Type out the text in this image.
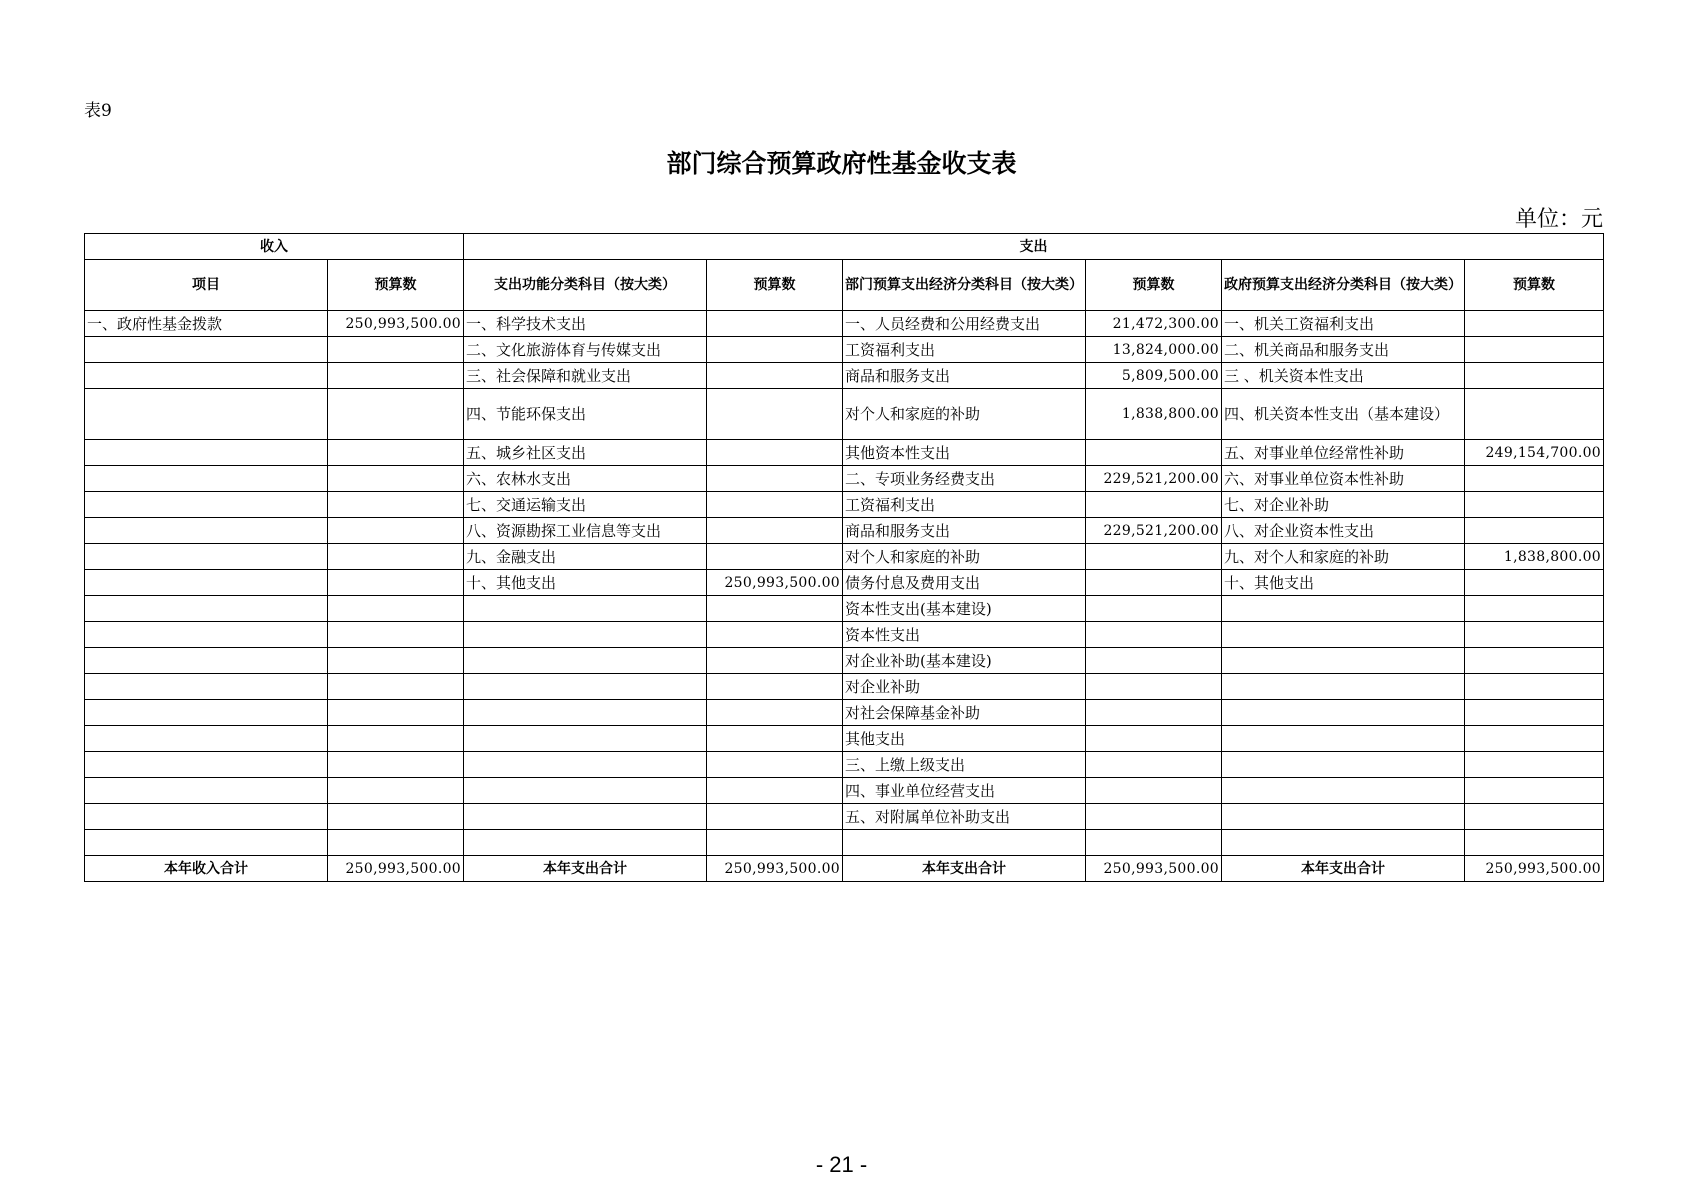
表9
部门综合预算政府性基金收支表
单位：元
收入		支出					
项目	预算数	支出功能分类科目（按大类）	预算数	部门预算支出经济分类科目（按大类）	预算数	政府预算支出经济分类科目（按大类）	预算数
一、政府性基金拨款	250,993,500.00	一、科学技术支出		一、人员经费和公用经费支出	21,472,300.00	一、机关工资福利支出	
		二、文化旅游体育与传媒支出		工资福利支出	13,824,000.00	二、机关商品和服务支出	
		三、社会保障和就业支出		商品和服务支出	5,809,500.00	三 、机关资本性支出	
		四、节能环保支出		对个人和家庭的补助	1,838,800.00	四、机关资本性支出（基本建设）	
		五、城乡社区支出		其他资本性支出		五、对事业单位经常性补助	249,154,700.00
		六、农林水支出		二、专项业务经费支出	229,521,200.00	六、对事业单位资本性补助	
		七、交通运输支出		工资福利支出		七、对企业补助	
		八、资源勘探工业信息等支出		商品和服务支出	229,521,200.00	八、对企业资本性支出	
		九、金融支出		对个人和家庭的补助		九、对个人和家庭的补助	1,838,800.00
		十、其他支出	250,993,500.00	债务付息及费用支出		十、其他支出	
				资本性支出(基本建设)			
				资本性支出			
				对企业补助(基本建设)			
				对企业补助			
				对社会保障基金补助			
				其他支出			
				三、上缴上级支出			
				四、事业单位经营支出			
				五、对附属单位补助支出			

本年收入合计	250,993,500.00	本年支出合计	250,993,500.00	本年支出合计	250,993,500.00	本年支出合计	250,993,500.00
- 21 -
